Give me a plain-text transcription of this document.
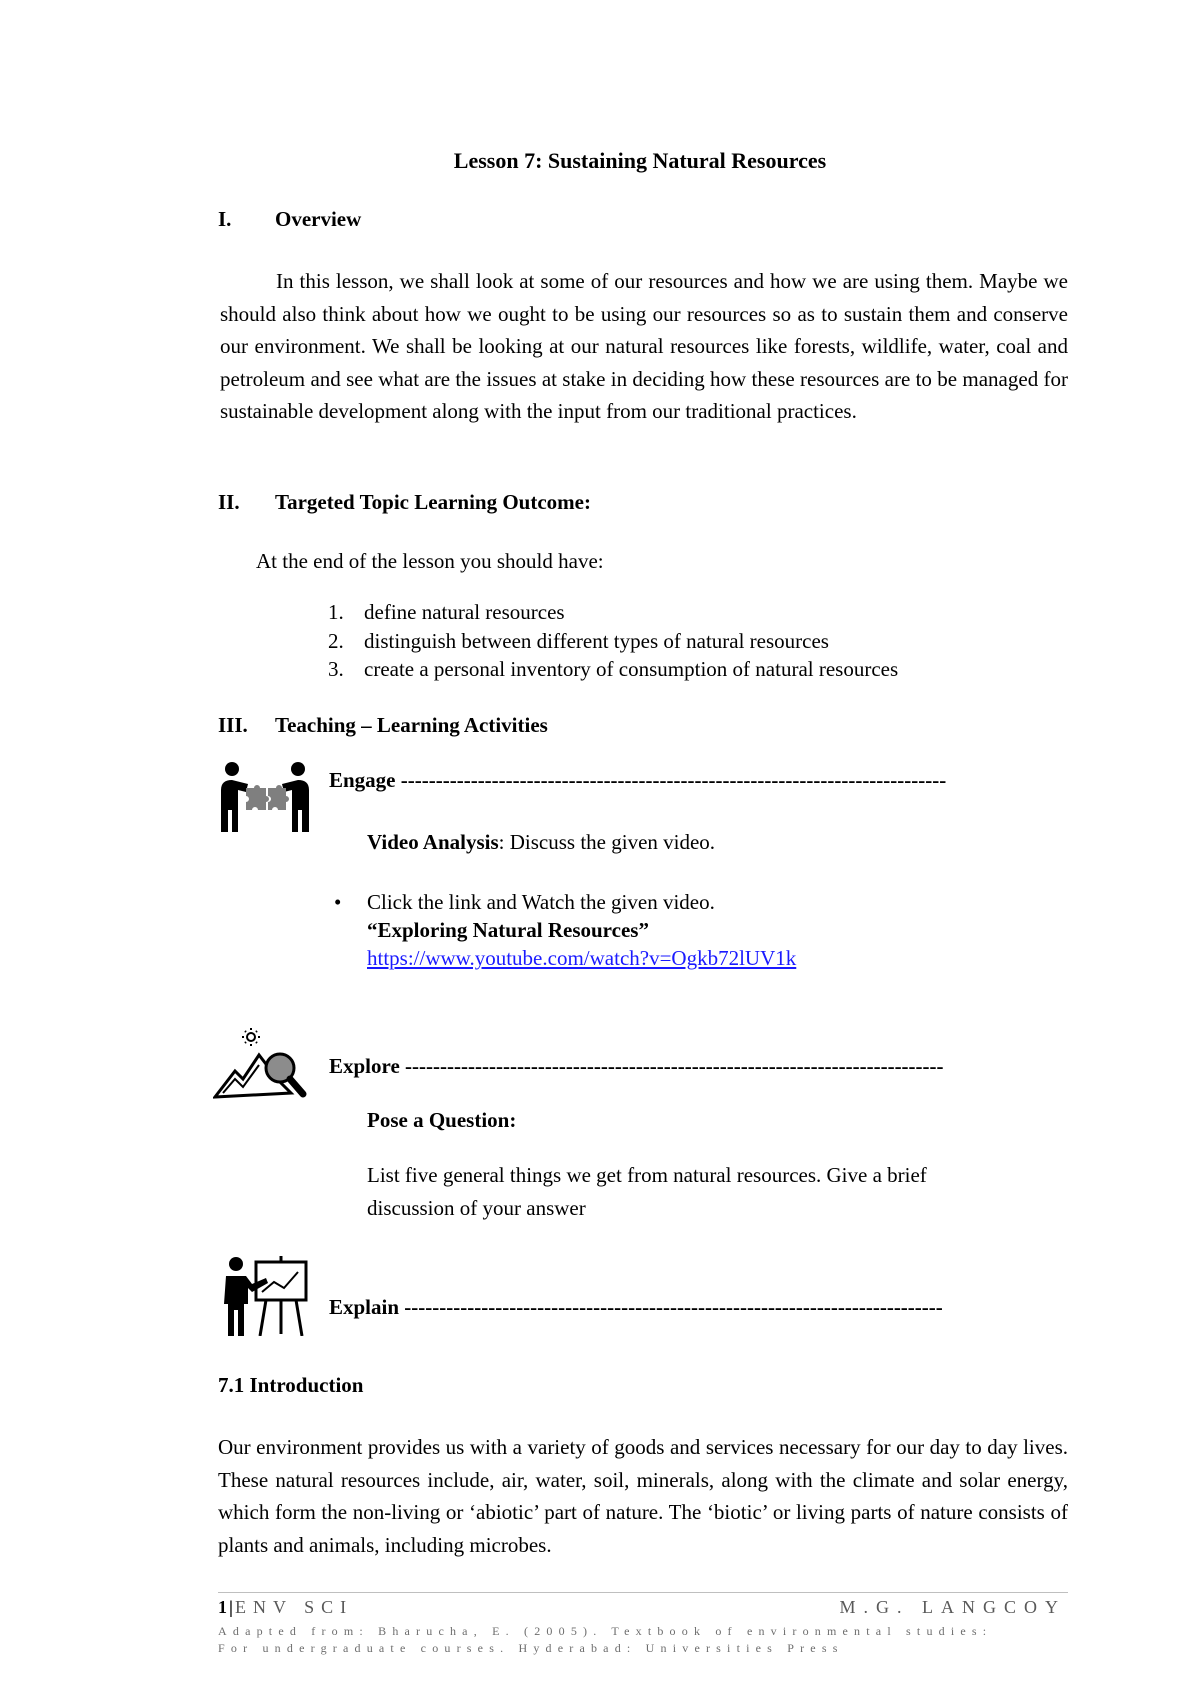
Lesson 7: Sustaining Natural Resources
I. Overview
In this lesson, we shall look at some of our resources and how we are using them. Maybe we should also think about how we ought to be using our resources so as to sustain them and conserve our environment. We shall be looking at our natural resources like forests, wildlife, water, coal and petroleum and see what are the issues at stake in deciding how these resources are to be managed for sustainable development along with the input from our traditional practices.
II. Targeted Topic Learning Outcome:
At the end of the lesson you should have:
1. define natural resources
2. distinguish between different types of natural resources
3. create a personal inventory of consumption of natural resources
III. Teaching – Learning Activities
Engage ------------------------------------------------------------------------------
Video Analysis: Discuss the given video.
• Click the link and Watch the given video.
“Exploring Natural Resources”
https://www.youtube.com/watch?v=Ogkb72lUV1k
Explore -----------------------------------------------------------------------------
Pose a Question:
List five general things we get from natural resources. Give a brief
discussion of your answer
Explain -----------------------------------------------------------------------------
7.1 Introduction
Our environment provides us with a variety of goods and services necessary for our day to day lives. These natural resources include, air, water, soil, minerals, along with the climate and solar energy, which form the non-living or ‘abiotic’ part of nature. The ‘biotic’ or living parts of nature consists of plants and animals, including microbes.
1|ENV SCI	M.G. LANGCOY
Adapted from: Bharucha, E. (2005). Textbook of environmental studies:
For undergraduate courses. Hyderabad: Universities Press
